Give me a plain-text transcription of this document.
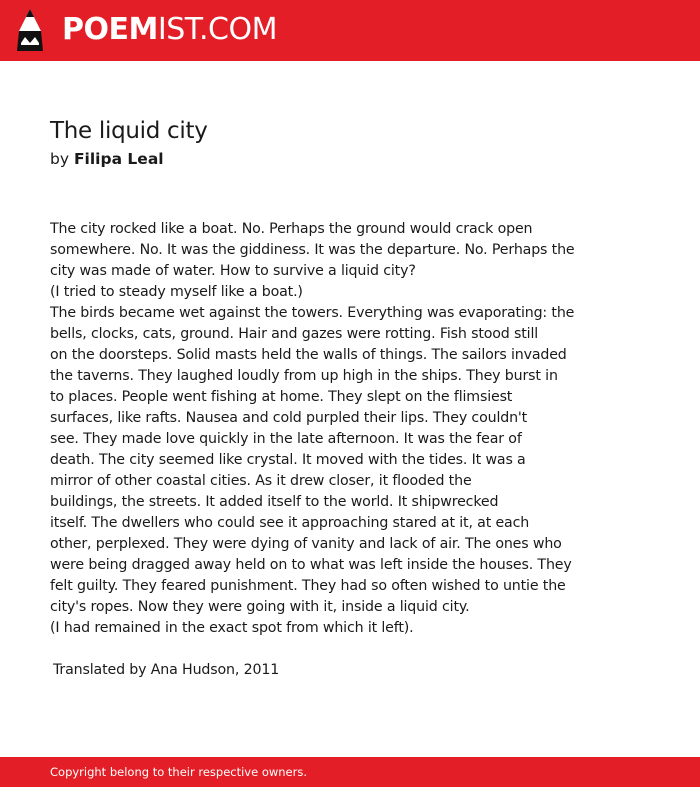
POEMIST.COM
The liquid city
by Filipa Leal
The city rocked like a boat. No. Perhaps the ground would crack open
somewhere. No. It was the giddiness. It was the departure. No. Perhaps the
city was made of water. How to survive a liquid city?
(I tried to steady myself like a boat.)
The birds became wet against the towers. Everything was evaporating: the
bells, clocks, cats, ground. Hair and gazes were rotting. Fish stood still
on the doorsteps. Solid masts held the walls of things. The sailors invaded
the taverns. They laughed loudly from up high in the ships. They burst in
to places. People went fishing at home. They slept on the flimsiest
surfaces, like rafts. Nausea and cold purpled their lips. They couldn't
see. They made love quickly in the late afternoon. It was the fear of
death. The city seemed like crystal. It moved with the tides. It was a
mirror of other coastal cities. As it drew closer, it flooded the
buildings, the streets. It added itself to the world. It shipwrecked
itself. The dwellers who could see it approaching stared at it, at each
other, perplexed. They were dying of vanity and lack of air. The ones who
were being dragged away held on to what was left inside the houses. They
felt guilty. They feared punishment. They had so often wished to untie the
city's ropes. Now they were going with it, inside a liquid city.
(I had remained in the exact spot from which it left).
Translated by Ana Hudson, 2011
Copyright belong to their respective owners.
